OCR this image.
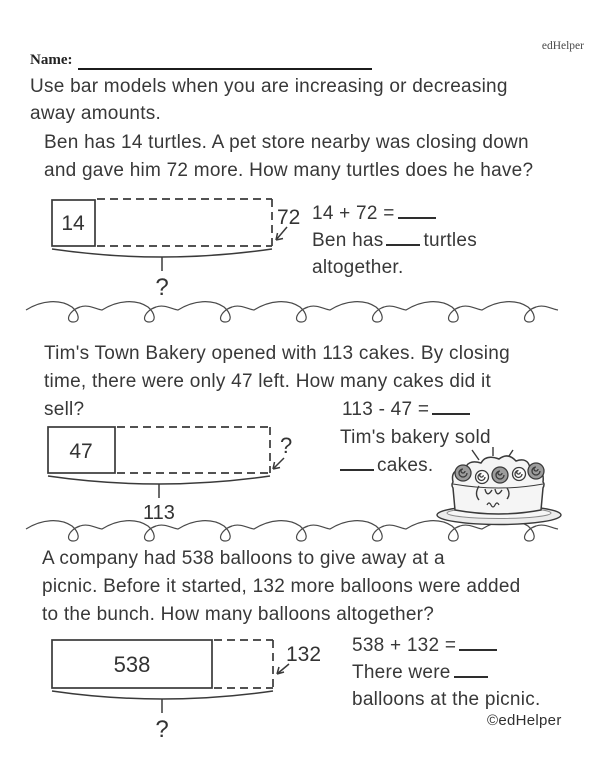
edHelper
Name:
Use bar models when you are increasing or decreasing
away amounts.
Ben has 14 turtles. A pet store nearby was closing down
and gave him 72 more. How many turtles does he have?
14	72
?
14 + 72 =
Ben has turtles
altogether.
Tim's Town Bakery opened with 113 cakes. By closing
time, there were only 47 left. How many cakes did it
sell?	113 - 47 =
47	?
113
Tim's bakery sold
cakes.
A company had 538 balloons to give away at a
picnic. Before it started, 132 more balloons were added
to the bunch. How many balloons altogether?
538	132
?
538 + 132 =
There were
balloons at the picnic.
©edHelper
